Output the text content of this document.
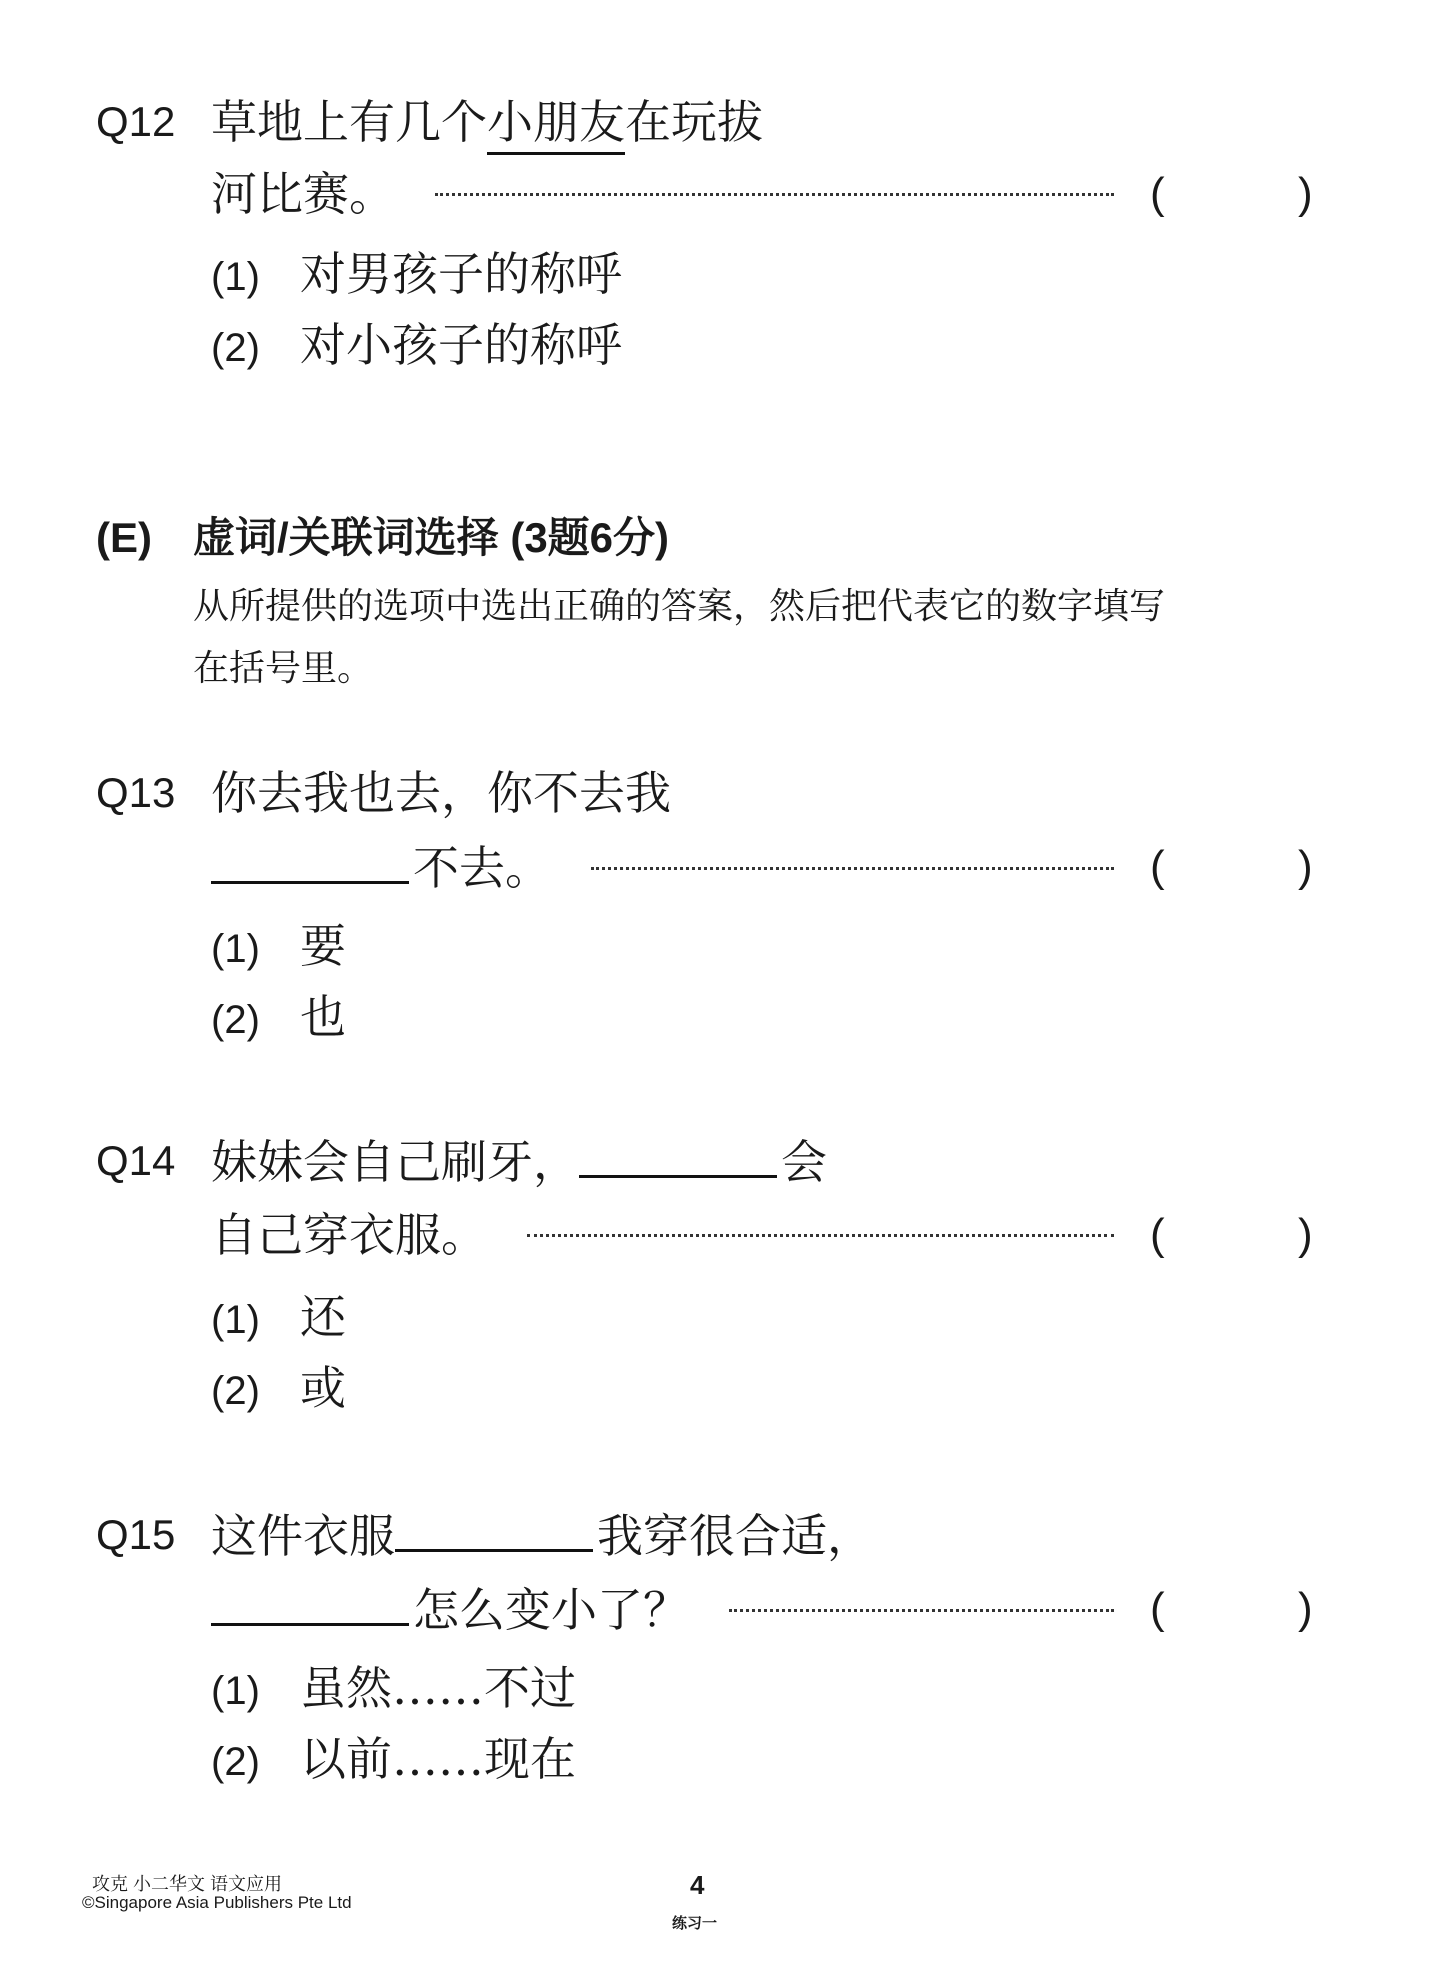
Q12 草地上有几个 小朋友 在玩拔
河比赛。	(	)
(1) 对男孩子的称呼
(2) 对小孩子的称呼
(E) 虚词/关联词选择 (3题6分)
从所提供的选项中选出正确的答案，然后把代表它的数字填写
在括号里。
Q13 你去我也去，你不去我
不去。	(	)
(1) 要
(2) 也
Q14 妹妹会自己刷牙，	会
自己穿衣服。	(	)
(1) 还
(2) 或
Q15 这件衣服	我穿很合适，
怎么变小了？	(	)
(1) 虽然……不过
(2) 以前……现在
攻克 小二华文 语文应用
©Singapore Asia Publishers Pte Ltd
4
练习一
